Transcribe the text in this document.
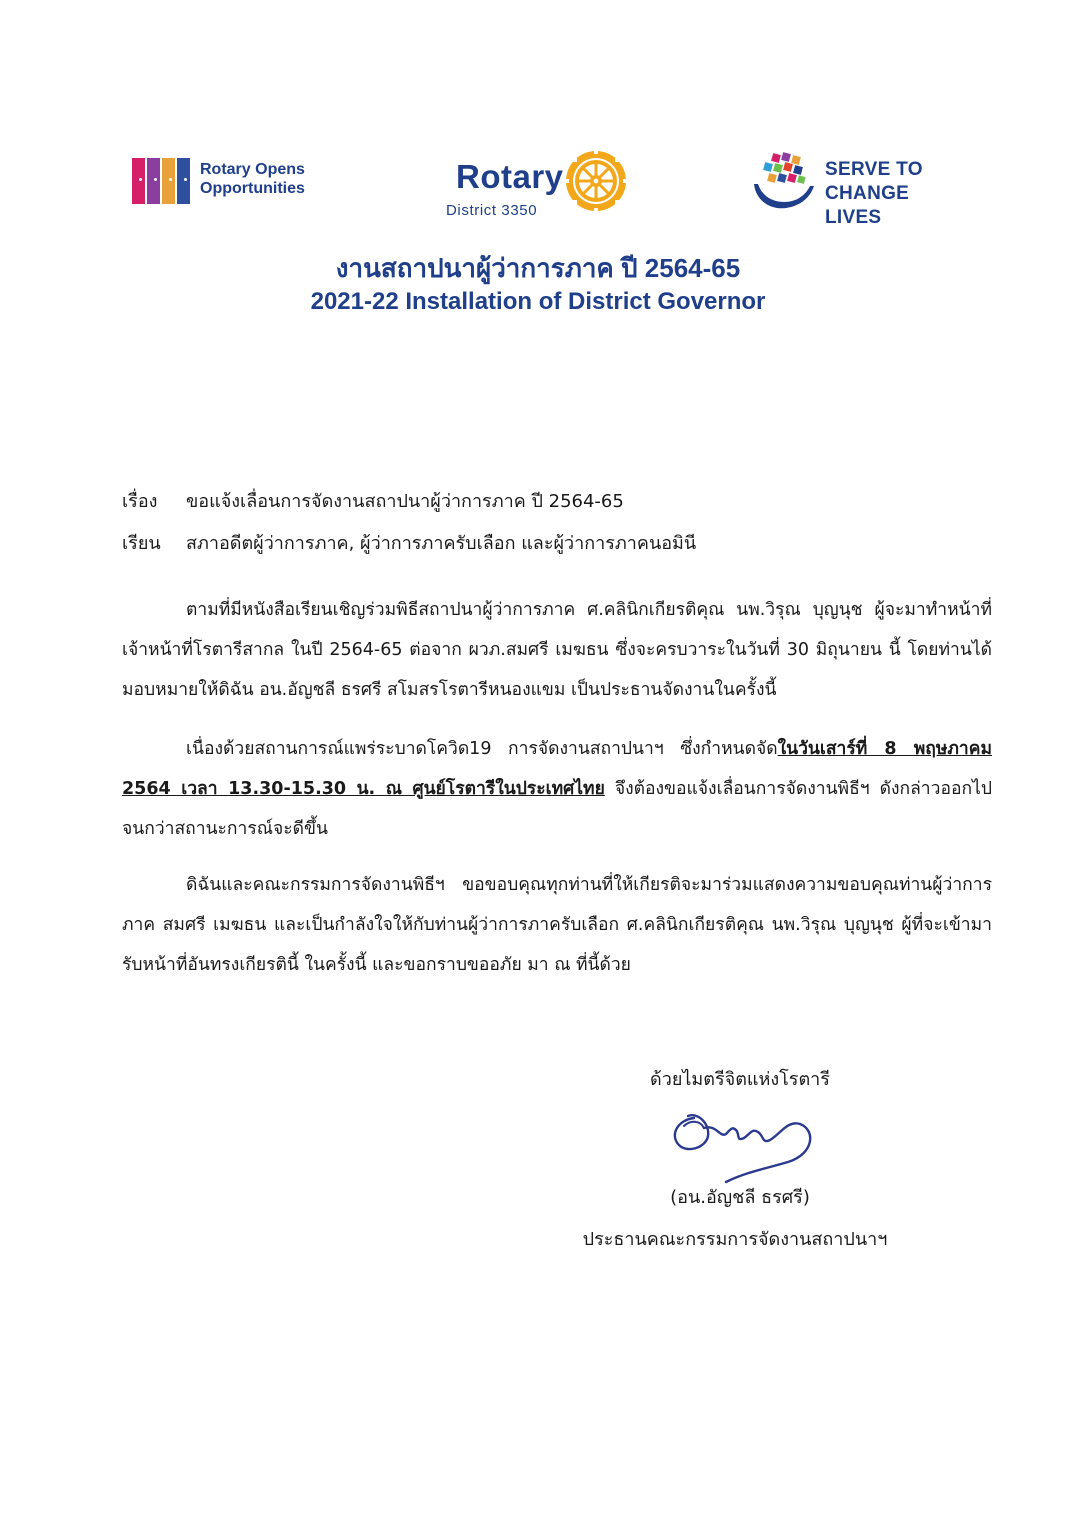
Rotary Opens
Opportunities	Rotary
District 3350
SERVE TO
CHANGE LIVES
งานสถาปนาผู้ว่าการภาค ปี 2564-65
2021-22 Installation of District Governor
เรื่อง	ขอแจ้งเลื่อนการจัดงานสถาปนาผู้ว่าการภาค ปี 2564-65
เรียน	สภาอดีตผู้ว่าการภาค, ผู้ว่าการภาครับเลือก และผู้ว่าการภาคนอมินี
ตามที่มีหนังสือเรียนเชิญร่วมพิธีสถาปนาผู้ว่าการภาค ศ.คลินิกเกียรติคุณ นพ.วิรุณ บุญนุช ผู้จะมาทำหน้าที่เจ้าหน้าที่โรตารีสากล ในปี 2564-65 ต่อจาก ผวภ.สมศรี เมฆธน ซึ่งจะครบวาระในวันที่ 30 มิถุนายน นี้ โดยท่านได้มอบหมายให้ดิฉัน อน.อัญชลี ธรศรี สโมสรโรตารีหนองแขม เป็นประธานจัดงานในครั้งนี้
เนื่องด้วยสถานการณ์แพร่ระบาดโควิด19 การจัดงานสถาปนาฯ ซึ่งกำหนดจัดในวันเสาร์ที่ 8 พฤษภาคม 2564 เวลา 13.30-15.30 น. ณ ศูนย์โรตารีในประเทศไทย จึงต้องขอแจ้งเลื่อนการจัดงานพิธีฯ ดังกล่าวออกไป จนกว่าสถานะการณ์จะดีขึ้น
ดิฉันและคณะกรรมการจัดงานพิธีฯ ขอขอบคุณทุกท่านที่ให้เกียรติจะมาร่วมแสดงความขอบคุณท่านผู้ว่าการภาค สมศรี เมฆธน และเป็นกำลังใจให้กับท่านผู้ว่าการภาครับเลือก ศ.คลินิกเกียรติคุณ นพ.วิรุณ บุญนุช ผู้ที่จะเข้ามารับหน้าที่อันทรงเกียรตินี้ ในครั้งนี้ และขอกราบขออภัย มา ณ ที่นี้ด้วย
ด้วยไมตรีจิตแห่งโรตารี
(อน.อัญชลี ธรศรี)
ประธานคณะกรรมการจัดงานสถาปนาฯ
